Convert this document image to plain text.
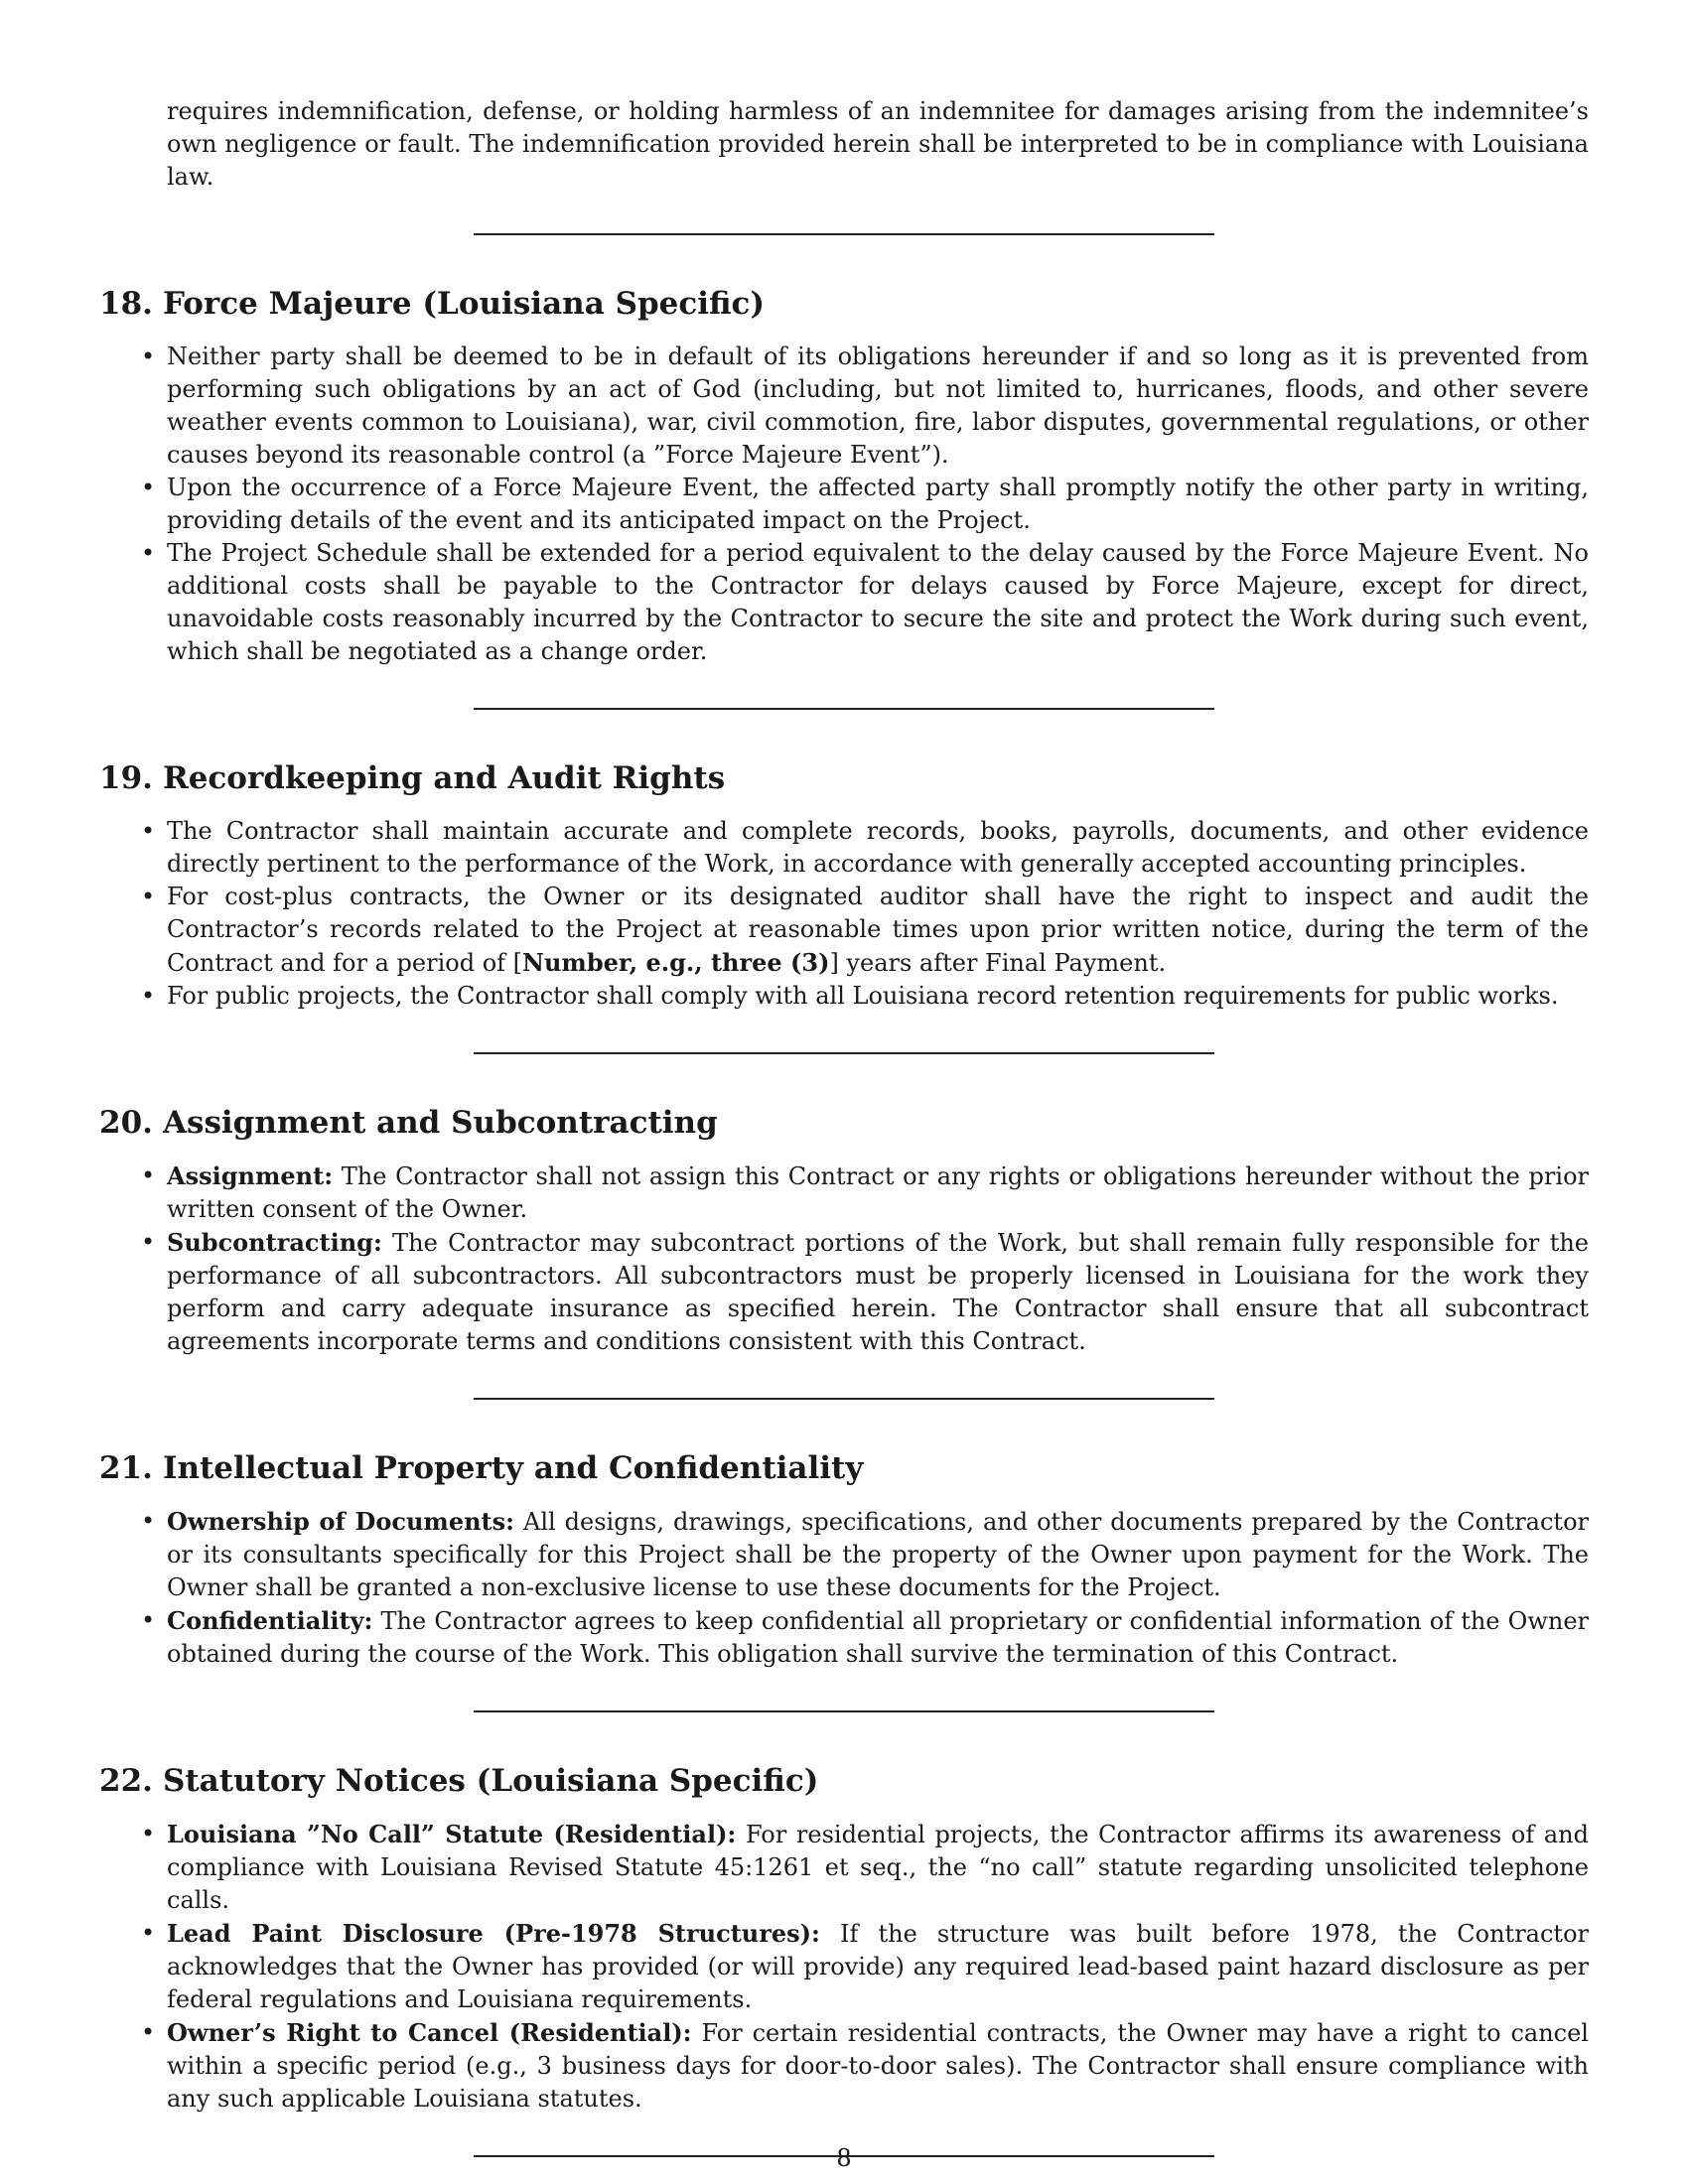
requires indemnification, defense, or holding harmless of an indemnitee for damages arising from the indemnitee’s own negligence or fault. The indemnification provided herein shall be interpreted to be in compliance with Louisiana law.

18. Force Majeure (Louisiana Specific)
• Neither party shall be deemed to be in default of its obligations hereunder if and so long as it is prevented from performing such obligations by an act of God (including, but not limited to, hurricanes, floods, and other severe weather events common to Louisiana), war, civil commotion, fire, labor disputes, governmental regulations, or other causes beyond its reasonable control (a ”Force Majeure Event”).
• Upon the occurrence of a Force Majeure Event, the affected party shall promptly notify the other party in writing, providing details of the event and its anticipated impact on the Project.
• The Project Schedule shall be extended for a period equivalent to the delay caused by the Force Majeure Event. No additional costs shall be payable to the Contractor for delays caused by Force Majeure, except for direct, unavoidable costs reasonably incurred by the Contractor to secure the site and protect the Work during such event, which shall be negotiated as a change order.
19. Recordkeeping and Audit Rights
• The Contractor shall maintain accurate and complete records, books, payrolls, documents, and other evidence directly pertinent to the performance of the Work, in accordance with generally accepted accounting principles.
• For cost-plus contracts, the Owner or its designated auditor shall have the right to inspect and audit the Contractor’s records related to the Project at reasonable times upon prior written notice, during the term of the Contract and for a period of [Number, e.g., three (3)] years after Final Payment.
• For public projects, the Contractor shall comply with all Louisiana record retention requirements for public works.
20. Assignment and Subcontracting
• Assignment: The Contractor shall not assign this Contract or any rights or obligations hereunder without the prior written consent of the Owner.
• Subcontracting: The Contractor may subcontract portions of the Work, but shall remain fully responsible for the performance of all subcontractors. All subcontractors must be properly licensed in Louisiana for the work they perform and carry adequate insurance as specified herein. The Contractor shall ensure that all subcontract agreements incorporate terms and conditions consistent with this Contract.
21. Intellectual Property and Confidentiality
• Ownership of Documents: All designs, drawings, specifications, and other documents prepared by the Contractor or its consultants specifically for this Project shall be the property of the Owner upon payment for the Work. The Owner shall be granted a non-exclusive license to use these documents for the Project.
• Confidentiality: The Contractor agrees to keep confidential all proprietary or confidential information of the Owner obtained during the course of the Work. This obligation shall survive the termination of this Contract.
22. Statutory Notices (Louisiana Specific)
• Louisiana ”No Call” Statute (Residential): For residential projects, the Contractor affirms its awareness of and compliance with Louisiana Revised Statute 45:1261 et seq., the “no call” statute regarding unsolicited telephone calls.
• Lead Paint Disclosure (Pre-1978 Structures): If the structure was built before 1978, the Contractor acknowledges that the Owner has provided (or will provide) any required lead-based paint hazard disclosure as per federal regulations and Louisiana requirements.
• Owner’s Right to Cancel (Residential): For certain residential contracts, the Owner may have a right to cancel within a specific period (e.g., 3 business days for door-to-door sales). The Contractor shall ensure compliance with any such applicable Louisiana statutes.
8
